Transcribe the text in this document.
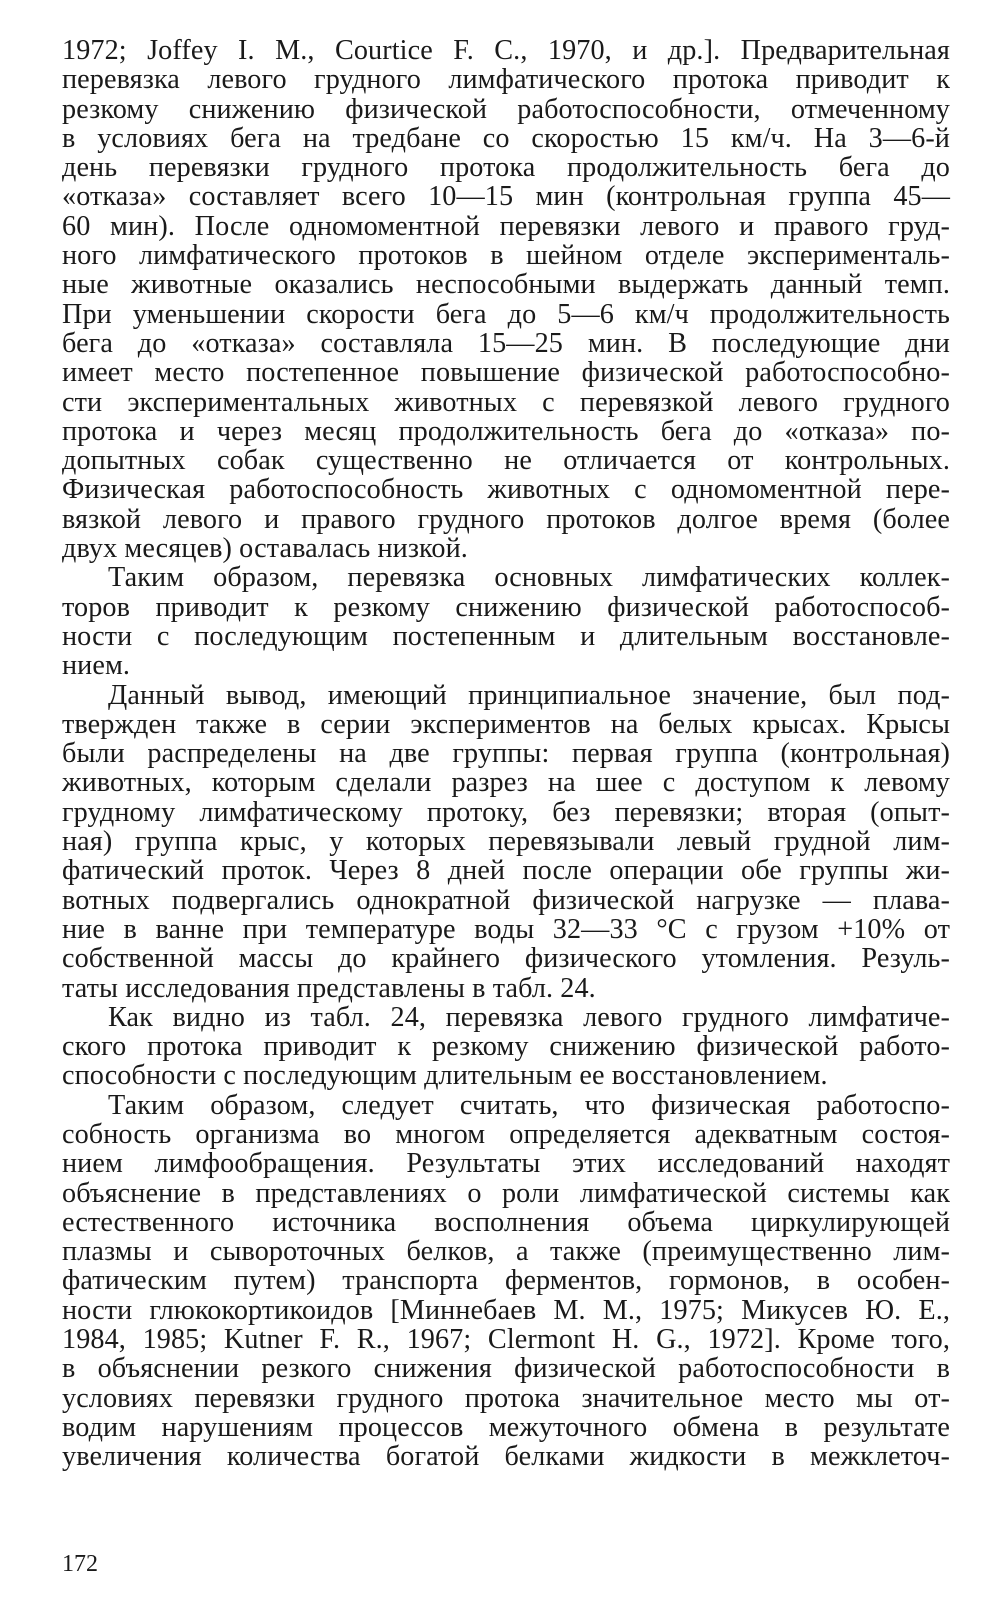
1972; Joffey I. M., Courtice F. C., 1970, и др.]. Предварительная
перевязка левого грудного лимфатического протока приводит к
резкому снижению физической работоспособности, отмеченному
в условиях бега на тредбане со скоростью 15 км/ч. На 3—6-й
день перевязки грудного протока продолжительность бега до
«отказа» составляет всего 10—15 мин (контрольная группа 45—
60 мин). После одномоментной перевязки левого и правого груд-
ного лимфатического протоков в шейном отделе эксперименталь-
ные животные оказались неспособными выдержать данный темп.
При уменьшении скорости бега до 5—6 км/ч продолжительность
бега до «отказа» составляла 15—25 мин. В последующие дни
имеет место постепенное повышение физической работоспособно-
сти экспериментальных животных с перевязкой левого грудного
протока и через месяц продолжительность бега до «отказа» по-
допытных собак существенно не отличается от контрольных.
Физическая работоспособность животных с одномоментной пере-
вязкой левого и правого грудного протоков долгое время (более
двух месяцев) оставалась низкой.
Таким образом, перевязка основных лимфатических коллек-
торов приводит к резкому снижению физической работоспособ-
ности с последующим постепенным и длительным восстановле-
нием.
Данный вывод, имеющий принципиальное значение, был под-
твержден также в серии экспериментов на белых крысах. Крысы
были распределены на две группы: первая группа (контрольная)
животных, которым сделали разрез на шее с доступом к левому
грудному лимфатическому протоку, без перевязки; вторая (опыт-
ная) группа крыс, у которых перевязывали левый грудной лим-
фатический проток. Через 8 дней после операции обе группы жи-
вотных подвергались однократной физической нагрузке — плава-
ние в ванне при температуре воды 32—33 °С с грузом +10% от
собственной массы до крайнего физического утомления. Резуль-
таты исследования представлены в табл. 24.
Как видно из табл. 24, перевязка левого грудного лимфатиче-
ского протока приводит к резкому снижению физической работо-
способности с последующим длительным ее восстановлением.
Таким образом, следует считать, что физическая работоспо-
собность организма во многом определяется адекватным состоя-
нием лимфообращения. Результаты этих исследований находят
объяснение в представлениях о роли лимфатической системы как
естественного источника восполнения объема циркулирующей
плазмы и сывороточных белков, а также (преимущественно лим-
фатическим путем) транспорта ферментов, гормонов, в особен-
ности глюкокортикоидов [Миннебаев М. М., 1975; Микусев Ю. Е.,
1984, 1985; Kutner F. R., 1967; Clermont H. G., 1972]. Кроме того,
в объяснении резкого снижения физической работоспособности в
условиях перевязки грудного протока значительное место мы от-
водим нарушениям процессов межуточного обмена в результате
увеличения количества богатой белками жидкости в межклеточ-
172
